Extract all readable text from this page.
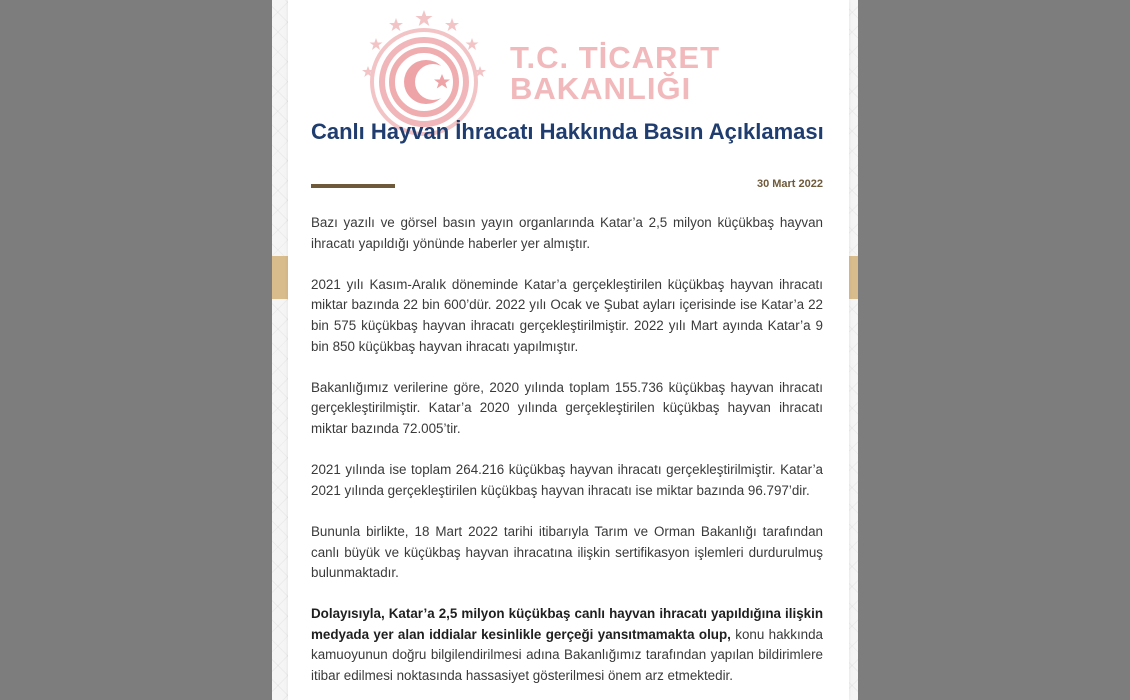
T.C. TİCARET
BAKANLIĞI
Canlı Hayvan İhracatı Hakkında Basın Açıklaması
30 Mart 2022

Bazı yazılı ve görsel basın yayın organlarında Katar’a 2,5 milyon küçükbaş hayvan ihracatı yapıldığı yönünde haberler yer almıştır.

2021 yılı Kasım-Aralık döneminde Katar’a gerçekleştirilen küçükbaş hayvan ihracatı miktar bazında 22 bin 600’dür. 2022 yılı Ocak ve Şubat ayları içerisinde ise Katar’a 22 bin 575 küçükbaş hayvan ihracatı gerçekleştirilmiştir. 2022 yılı Mart ayında Katar’a 9 bin 850 küçükbaş hayvan ihracatı yapılmıştır.

Bakanlığımız verilerine göre, 2020 yılında toplam 155.736 küçükbaş hayvan ihracatı gerçekleştirilmiştir. Katar’a 2020 yılında gerçekleştirilen küçükbaş hayvan ihracatı miktar bazında 72.005’tir.

2021 yılında ise toplam 264.216 küçükbaş hayvan ihracatı gerçekleştirilmiştir. Katar’a 2021 yılında gerçekleştirilen küçükbaş hayvan ihracatı ise miktar bazında 96.797’dir.

Bununla birlikte, 18 Mart 2022 tarihi itibarıyla Tarım ve Orman Bakanlığı tarafından canlı büyük ve küçükbaş hayvan ihracatına ilişkin sertifikasyon işlemleri durdurulmuş bulunmaktadır.

Dolayısıyla, Katar’a 2,5 milyon küçükbaş canlı hayvan ihracatı yapıldığına ilişkin medyada yer alan iddialar kesinlikle gerçeği yansıtmamakta olup, konu hakkında kamuoyunun doğru bilgilendirilmesi adına Bakanlığımız tarafından yapılan bildirimlere itibar edilmesi noktasında hassasiyet gösterilmesi önem arz etmektedir.
